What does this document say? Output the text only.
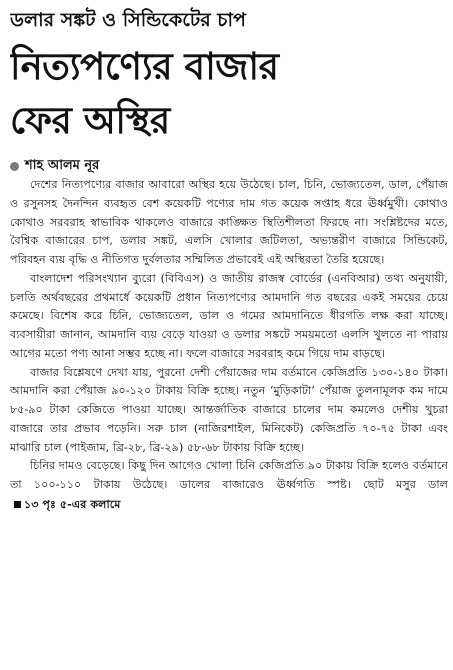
ডলার সঙ্কট ও সিন্ডিকেটের চাপ
নিত্যপণ্যের বাজার
ফের অস্থির
শাহ আলম নূর

দেশের নিত্যপণ্যের বাজার আবারো অস্থির হয়ে উঠেছে। চাল, চিনি, ভোজ্যতেল, ডাল, পেঁয়াজ ও রসুনসহ দৈনন্দিন ব্যবহৃত বেশ কয়েকটি পণ্যের দাম গত কয়েক সপ্তাহ ধরে ঊর্ধ্বমুখী। কোথাও কোথাও সরবরাহ স্বাভাবিক থাকলেও বাজারে কাঙ্ক্ষিত স্থিতিশীলতা ফিরছে না। সংশ্লিষ্টদের মতে, বৈশ্বিক বাজারের চাপ, ডলার সঙ্কট, এলসি খোলার জটিলতা, অভ্যন্তরীণ বাজারে সিন্ডিকেট, পরিবহন ব্যয় বৃদ্ধি ও নীতিগত দুর্বলতার সম্মিলিত প্রভাবেই এই অস্থিরতা তৈরি হয়েছে।

বাংলাদেশ পরিসংখ্যান ব্যুরো (বিবিএস) ও জাতীয় রাজস্ব বোর্ডের (এনবিআর) তথ্য অনুযায়ী, চলতি অর্থবছরের প্রথমার্ধে কয়েকটি প্রধান নিত্যপণ্যের আমদানি গত বছরের একই সময়ের চেয়ে কমেছে। বিশেষ করে চিনি, ভোজ্যতেল, ডাল ও গমের আমদানিতে ধীরগতি লক্ষ করা যাচ্ছে। ব্যবসায়ীরা জানান, আমদানি ব্যয় বেড়ে যাওয়া ও ডলার সঙ্কটে সময়মতো এলসি খুলতে না পারায় আগের মতো পণ্য আনা সম্ভব হচ্ছে না। ফলে বাজারে সরবরাহ কমে গিয়ে দাম বাড়ছে।

বাজার বিশ্লেষণে দেখা যায়, পুরনো দেশী পেঁয়াজের দাম বর্তমানে কেজিপ্রতি ১৩০-১৪০ টাকা। আমদানি করা পেঁয়াজ ৯০-১২০ টাকায় বিক্রি হচ্ছে। নতুন ‘মুড়িকাটা’ পেঁয়াজ তুলনামূলক কম দামে ৮৫-৯০ টাকা কেজিতে পাওয়া যাচ্ছে। আন্তর্জাতিক বাজারে চালের দাম কমলেও দেশীয় খুচরা বাজারে তার প্রভাব পড়েনি। সরু চাল (নাজিরশাইল, মিনিকেট) কেজিপ্রতি ৭০-৭৫ টাকা এবং মাঝারি চাল (পাইজাম, ব্রি-২৮, ব্রি-২৯) ৫৮-৬৮ টাকায় বিক্রি হচ্ছে।

চিনির দামও বেড়েছে। কিছু দিন আগেও খোলা চিনি কেজিপ্রতি ৯০ টাকায় বিক্রি হলেও বর্তমানে তা ১০০-১১০ টাকায় উঠেছে। ডালের বাজারেও ঊর্ধ্বগতি স্পষ্ট। ছোট মসুর ডাল১৩ পৃঃ ৫-এর কলামে
